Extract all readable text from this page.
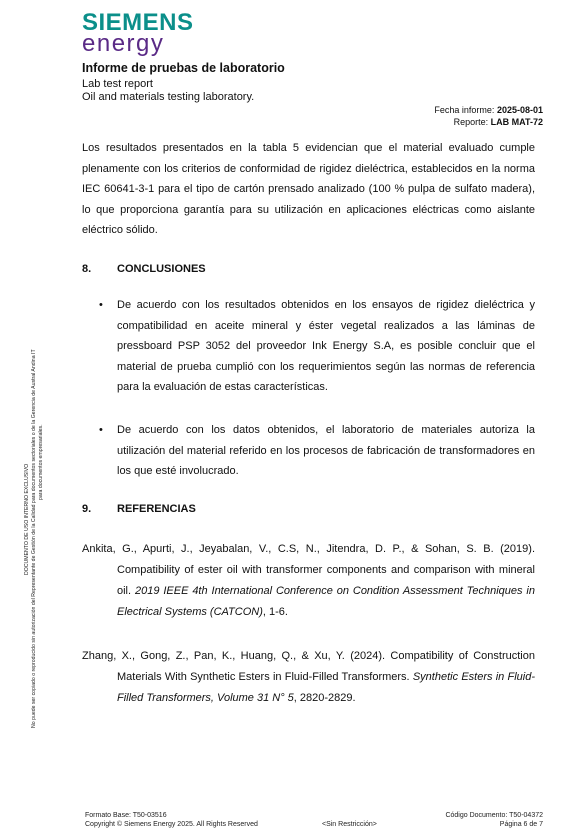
SIEMENS
energy
Informe de pruebas de laboratorio
Lab test report
Oil and materials testing laboratory.
Fecha informe: 2025-08-01
Reporte: LAB MAT-72
Los resultados presentados en la tabla 5 evidencian que el material evaluado cumple plenamente con los criterios de conformidad de rigidez dieléctrica, establecidos en la norma IEC 60641-3-1 para el tipo de cartón prensado analizado (100 % pulpa de sulfato madera), lo que proporciona garantía para su utilización en aplicaciones eléctricas como aislante eléctrico sólido.
8. CONCLUSIONES
• De acuerdo con los resultados obtenidos en los ensayos de rigidez dieléctrica y compatibilidad en aceite mineral y éster vegetal realizados a las láminas de pressboard PSP 3052 del proveedor Ink Energy S.A, es posible concluir que el material de prueba cumplió con los requerimientos según las normas de referencia para la evaluación de estas características.
• De acuerdo con los datos obtenidos, el laboratorio de materiales autoriza la utilización del material referido en los procesos de fabricación de transformadores en los que esté involucrado.
9. REFERENCIAS
Ankita, G., Apurti, J., Jeyabalan, V., C.S, N., Jitendra, D. P., & Sohan, S. B. (2019). Compatibility of ester oil with transformer components and comparison with mineral oil. 2019 IEEE 4th International Conference on Condition Assessment Techniques in Electrical Systems (CATCON), 1-6.
Zhang, X., Gong, Z., Pan, K., Huang, Q., & Xu, Y. (2024). Compatibility of Construction Materials With Synthetic Esters in Fluid-Filled Transformers. Synthetic Esters in Fluid-Filled Transformers, Volume 31 N° 5, 2820-2829.
DOCUMENTO DE USO INTERNO EXCLUSIVO No puede ser copiado o reproducido sin autorización del Representante de Gestión de la Calidad para documentos sectoriales o de la Gerencia de Austral Andina IT para documentos empresariales.
Formato Base: T50-03516
Copyright © Siemens Energy 2025. All Rights Reserved	<Sin Restricción>
Código Documento: T50-04372
Página 6 de 7
